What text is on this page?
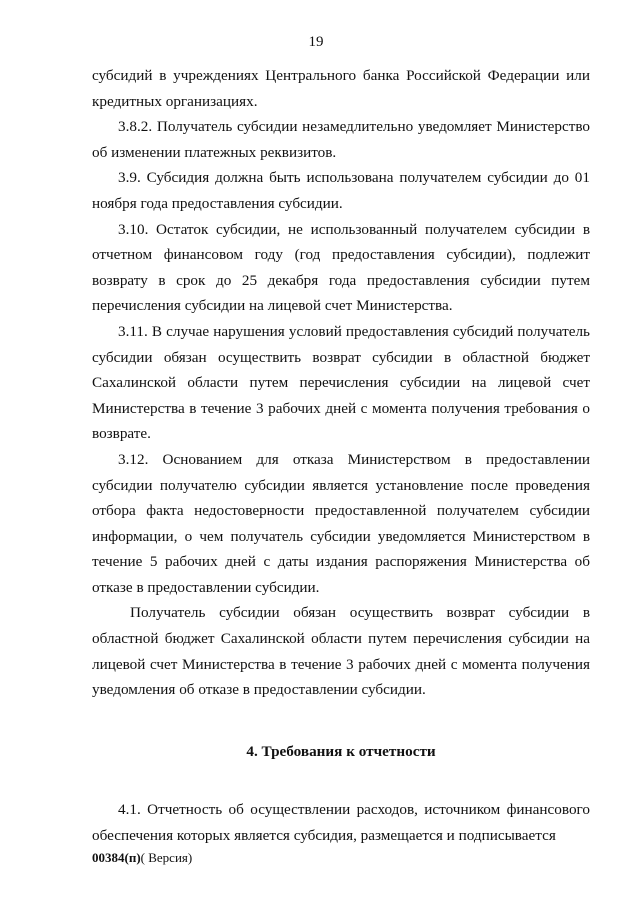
19

субсидий в учреждениях Центрального банка Российской Федерации или кредитных организациях.

3.8.2. Получатель субсидии незамедлительно уведомляет Министерство об изменении платежных реквизитов.

3.9. Субсидия должна быть использована получателем субсидии до 01 ноября года предоставления субсидии.

3.10. Остаток субсидии, не использованный получателем субсидии в отчетном финансовом году (год предоставления субсидии), подлежит возврату в срок до 25 декабря года предоставления субсидии путем перечисления субсидии на лицевой счет Министерства.

3.11. В случае нарушения условий предоставления субсидий получатель субсидии обязан осуществить возврат субсидии в областной бюджет Сахалинской области путем перечисления субсидии на лицевой счет Министерства в течение 3 рабочих дней с момента получения требования о возврате.

3.12. Основанием для отказа Министерством в предоставлении субсидии получателю субсидии является установление после проведения отбора факта недостоверности предоставленной получателем субсидии информации, о чем получатель субсидии уведомляется Министерством в течение 5 рабочих дней с даты издания распоряжения Министерства об отказе в предоставлении субсидии.

Получатель субсидии обязан осуществить возврат субсидии в областной бюджет Сахалинской области путем перечисления субсидии на лицевой счет Министерства в течение 3 рабочих дней с момента получения уведомления об отказе в предоставлении субсидии.

4. Требования к отчетности

4.1. Отчетность об осуществлении расходов, источником финансового обеспечения которых является субсидия, размещается и подписывается

00384(п)( Версия)
